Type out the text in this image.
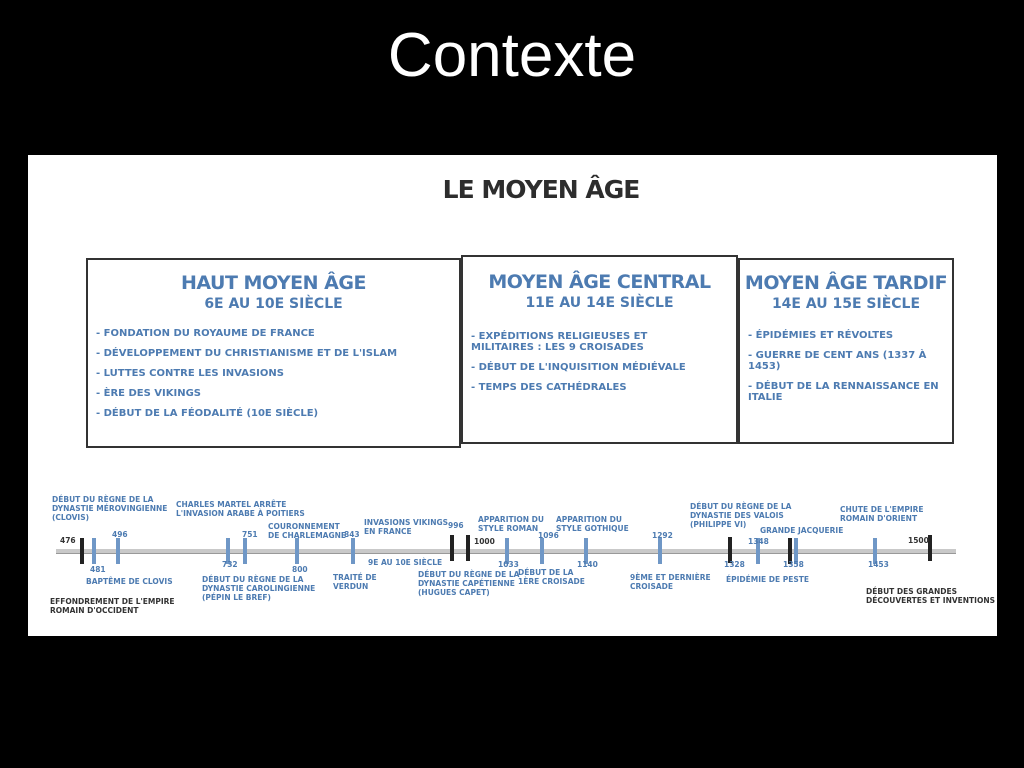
Contexte
LE MOYEN ÂGE
HAUT MOYEN ÂGE
6E AU 10E SIÈCLE
- FONDATION DU ROYAUME DE FRANCE
- DÉVELOPPEMENT DU CHRISTIANISME ET DE L'ISLAM
- LUTTES CONTRE LES INVASIONS
- ÈRE DES VIKINGS
- DÉBUT DE LA FÉODALITÉ (10E SIÈCLE)
MOYEN ÂGE CENTRAL
11E AU 14E SIÈCLE
- EXPÉDITIONS RELIGIEUSES ET MILITAIRES : LES 9 CROISADES
- DÉBUT DE L'INQUISITION MÉDIÉVALE
- TEMPS DES CATHÉDRALES
MOYEN ÂGE TARDIF
14E AU 15E SIÈCLE
- ÉPIDÉMIES ET RÉVOLTES
- GUERRE DE CENT ANS (1337 À 1453)
- DÉBUT DE LA RENNAISSANCE EN ITALIE
476
481
496
732
751
800
843
996
1000
1033
1096
1140
1292
1328
1348
1358	1453
1500
DÉBUT DU RÈGNE DE LA
DYNASTIE MÉROVINGIENNE
(CLOVIS)
BAPTÊME DE CLOVIS
EFFONDREMENT DE L'EMPIRE
ROMAIN D'OCCIDENT
CHARLES MARTEL ARRÊTE
L'INVASION ARABE À POITIERS
DÉBUT DU RÈGNE DE LA
DYNASTIE CAROLINGIENNE
(PÉPIN LE BREF)
COURONNEMENT
DE CHARLEMAGNE
TRAITÉ DE
VERDUN
INVASIONS VIKINGS
EN FRANCE
9E AU 10E SIÈCLE
DÉBUT DU RÈGNE DE LA
DYNASTIE CAPÉTIENNE
(HUGUES CAPET)
APPARITION DU
STYLE ROMAN
DÉBUT DE LA
1ÈRE CROISADE
APPARITION DU
STYLE GOTHIQUE
9ÈME ET DERNIÈRE
CROISADE
DÉBUT DU RÈGNE DE LA
DYNASTIE DES VALOIS
(PHILIPPE VI)
ÉPIDÉMIE DE PESTE
GRANDE JACQUERIE
CHUTE DE L'EMPIRE
ROMAIN D'ORIENT
DÉBUT DES GRANDES
DÉCOUVERTES ET INVENTIONS
